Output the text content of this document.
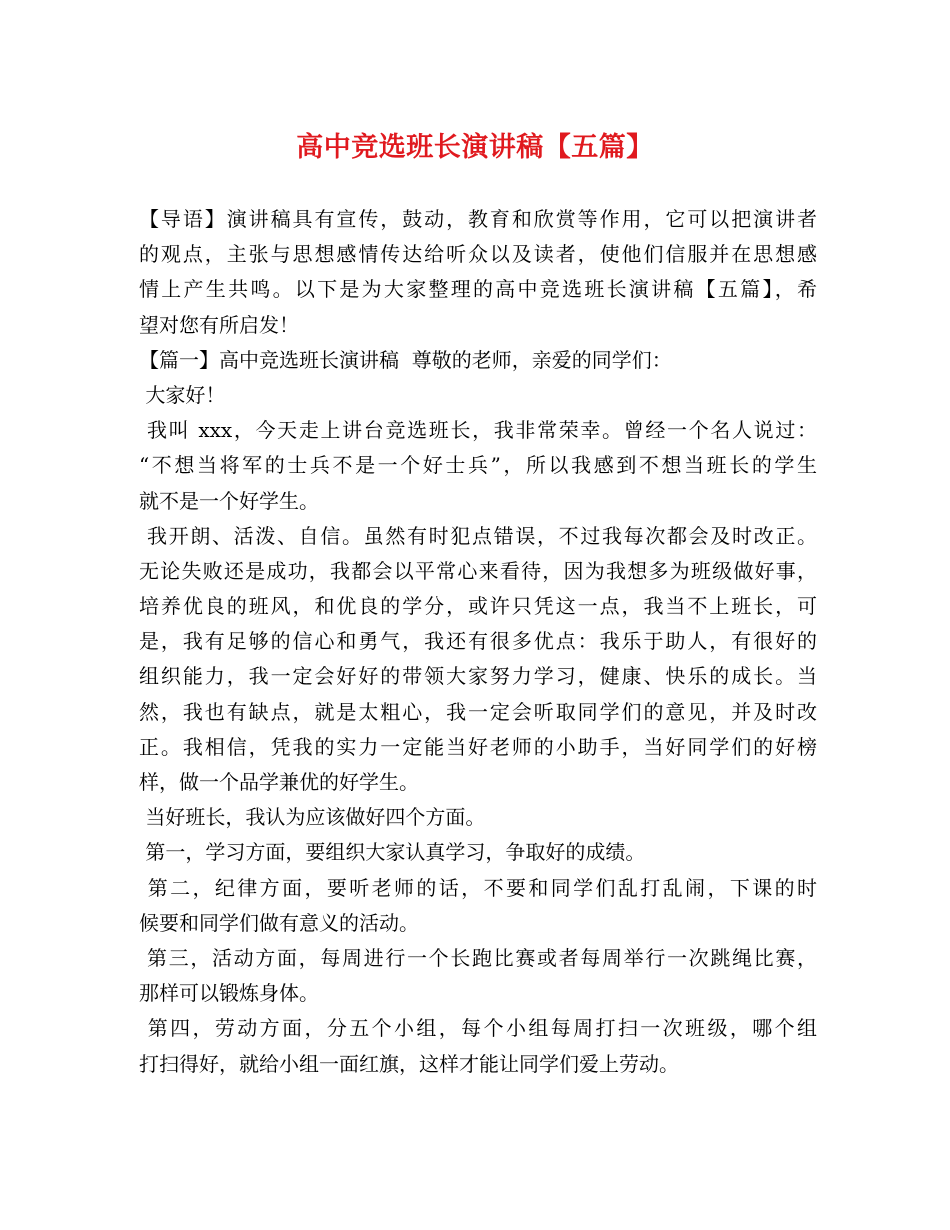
高中竞选班长演讲稿【五篇】
【导语】演讲稿具有宣传，鼓动，教育和欣赏等作用，它可以把演讲者
的观点，主张与思想感情传达给听众以及读者，使他们信服并在思想感
情上产生共鸣。以下是为大家整理的高中竞选班长演讲稿【五篇】，希
望对您有所启发！
【篇一】高中竞选班长演讲稿  尊敬的老师，亲爱的同学们：
大家好！
我叫 xxx，今天走上讲台竞选班长，我非常荣幸。曾经一个名人说过：
“不想当将军的士兵不是一个好士兵”，所以我感到不想当班长的学生
就不是一个好学生。
我开朗、活泼、自信。虽然有时犯点错误，不过我每次都会及时改正。
无论失败还是成功，我都会以平常心来看待，因为我想多为班级做好事，
培养优良的班风，和优良的学分，或许只凭这一点，我当不上班长，可
是，我有足够的信心和勇气，我还有很多优点：我乐于助人，有很好的
组织能力，我一定会好好的带领大家努力学习，健康、快乐的成长。当
然，我也有缺点，就是太粗心，我一定会听取同学们的意见，并及时改
正。我相信，凭我的实力一定能当好老师的小助手，当好同学们的好榜
样，做一个品学兼优的好学生。
当好班长，我认为应该做好四个方面。
第一，学习方面，要组织大家认真学习，争取好的成绩。
第二，纪律方面，要听老师的话，不要和同学们乱打乱闹，下课的时
候要和同学们做有意义的活动。
第三，活动方面，每周进行一个长跑比赛或者每周举行一次跳绳比赛，
那样可以锻炼身体。
第四，劳动方面，分五个小组，每个小组每周打扫一次班级，哪个组
打扫得好，就给小组一面红旗，这样才能让同学们爱上劳动。
